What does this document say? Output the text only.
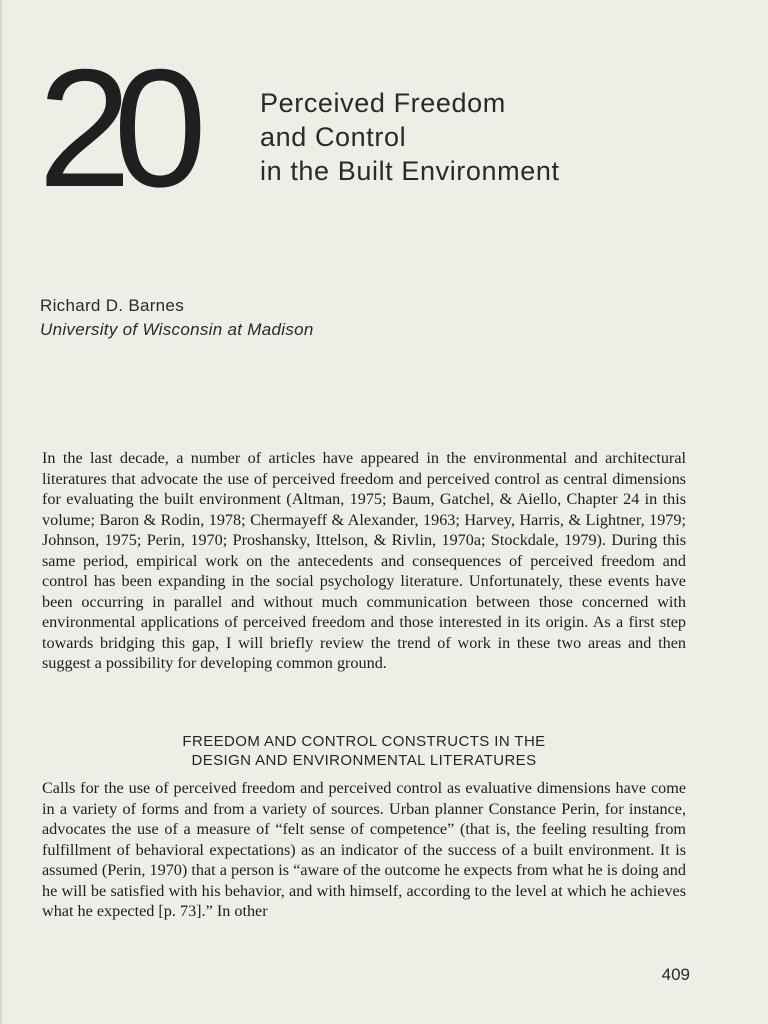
20	Perceived Freedom
and Control
in the Built Environment
Richard D. Barnes
University of Wisconsin at Madison

In the last decade, a number of articles have appeared in the environmental and architectural literatures that advocate the use of perceived freedom and perceived control as central dimensions for evaluating the built environment (Altman, 1975; Baum, Gatchel, & Aiello, Chapter 24 in this volume; Baron & Rodin, 1978; Chermayeff & Alexander, 1963; Harvey, Harris, & Lightner, 1979; Johnson, 1975; Perin, 1970; Proshansky, Ittelson, & Rivlin, 1970a; Stockdale, 1979). During this same period, empirical work on the antecedents and consequences of perceived freedom and control has been expanding in the social psychology literature. Unfortunately, these events have been occurring in parallel and without much communication between those concerned with environmental applications of perceived freedom and those interested in its origin. As a first step towards bridging this gap, I will briefly review the trend of work in these two areas and then suggest a possibility for developing common ground.

FREEDOM AND CONTROL CONSTRUCTS IN THE
DESIGN AND ENVIRONMENTAL LITERATURES

Calls for the use of perceived freedom and perceived control as evaluative dimensions have come in a variety of forms and from a variety of sources. Urban planner Constance Perin, for instance, advocates the use of a measure of “felt sense of competence” (that is, the feeling resulting from fulfillment of behavioral expectations) as an indicator of the success of a built environment. It is assumed (Perin, 1970) that a person is “aware of the outcome he expects from what he is doing and he will be satisfied with his behavior, and with himself, according to the level at which he achieves what he expected [p. 73].” In other

409
